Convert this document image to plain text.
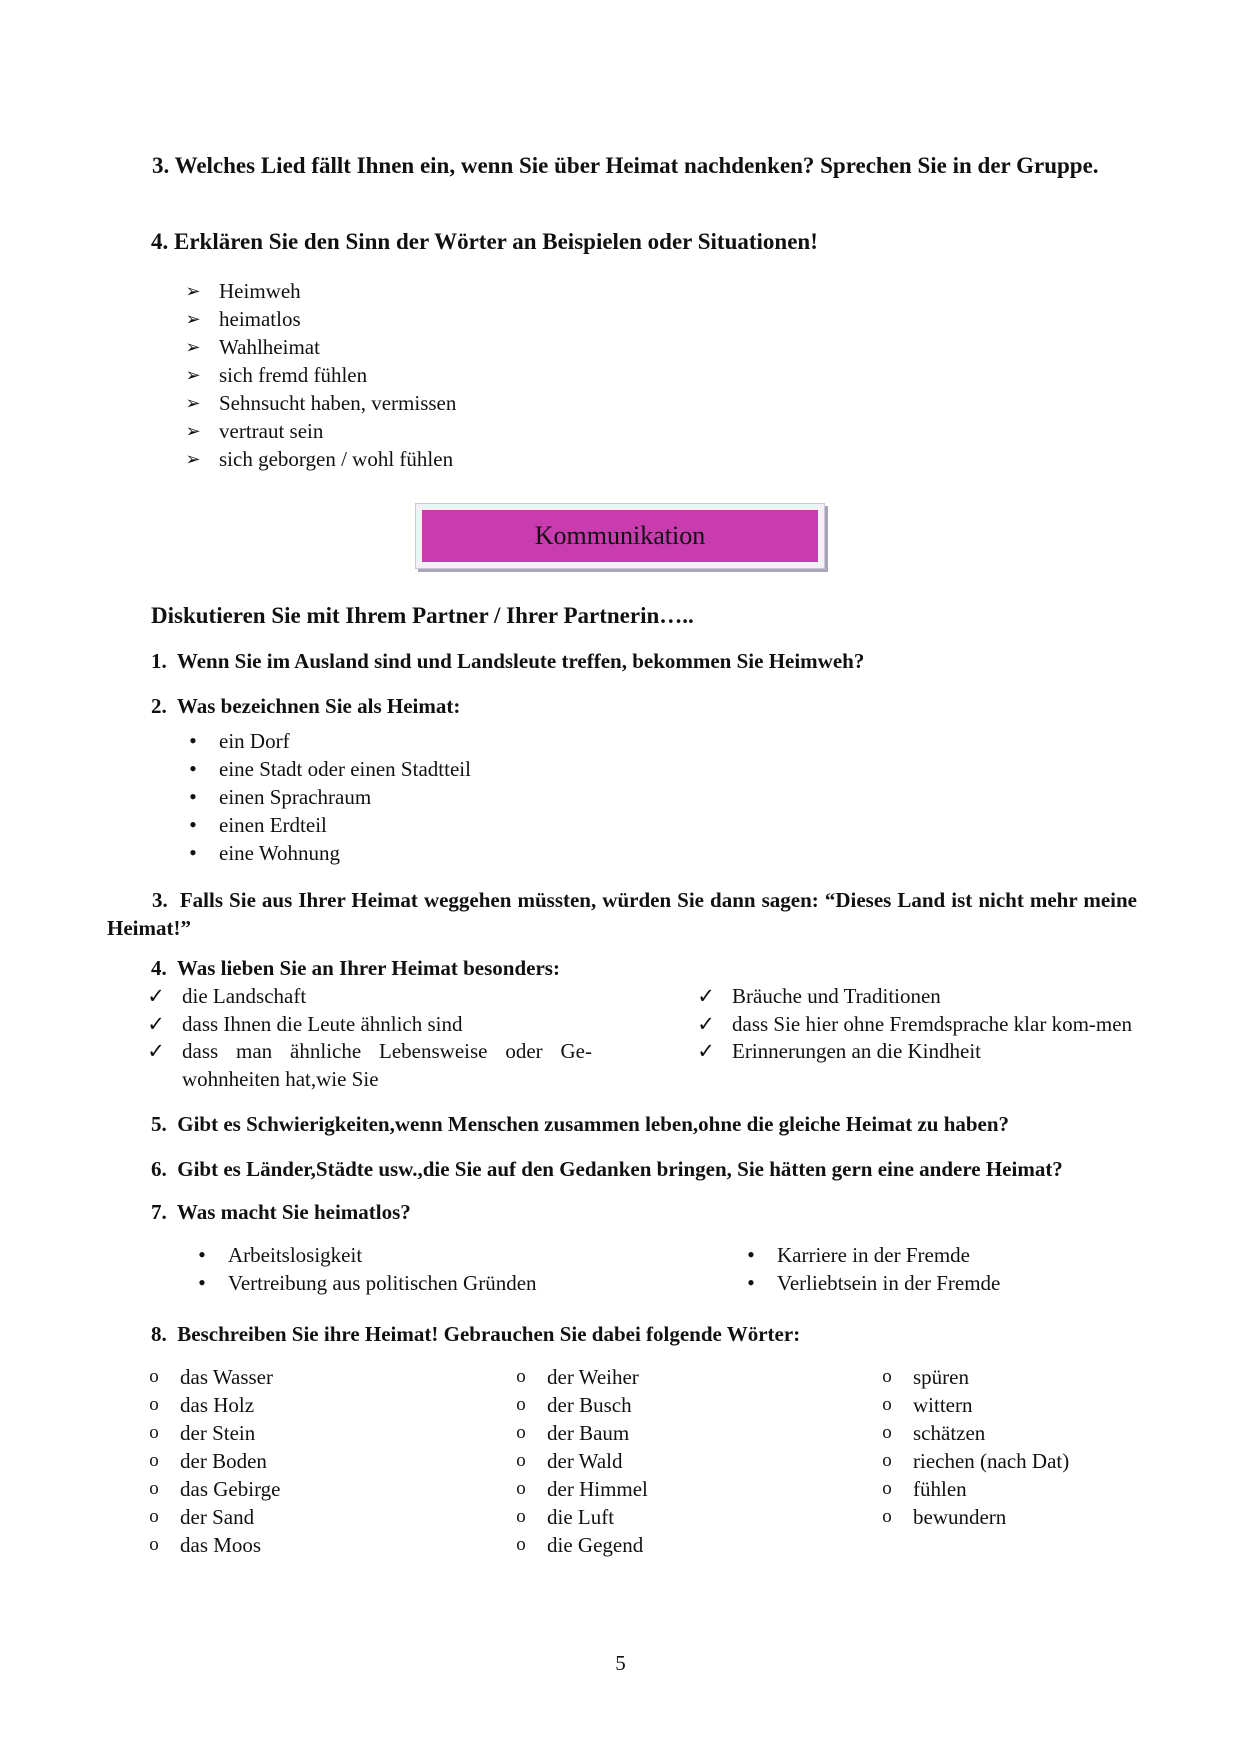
3. Welches Lied fällt Ihnen ein, wenn Sie über Heimat nachdenken? Sprechen Sie in der Gruppe.
4. Erklären Sie den Sinn der Wörter an Beispielen oder Situationen!
➢ Heimweh
➢ heimatlos
➢ Wahlheimat
➢ sich fremd fühlen
➢ Sehnsucht haben, vermissen
➢ vertraut sein
➢ sich geborgen / wohl fühlen
Kommunikation
Diskutieren Sie mit Ihrem Partner / Ihrer Partnerin…..
1. Wenn Sie im Ausland sind und Landsleute treffen, bekommen Sie Heimweh?
2. Was bezeichnen Sie als Heimat:
• ein Dorf
• eine Stadt oder einen Stadtteil
• einen Sprachraum
• einen Erdteil
• eine Wohnung
3. Falls Sie aus Ihrer Heimat weggehen müssten, würden Sie dann sagen: “Dieses Land ist nicht mehr meine Heimat!”
4. Was lieben Sie an Ihrer Heimat besonders:
✓ die Landschaft
✓ dass Ihnen die Leute ähnlich sind
✓ dass man ähnliche Lebensweise oder Ge-wohnheiten hat,wie Sie
✓ Bräuche und Traditionen
✓ dass Sie hier ohne Fremdsprache klar kom-men
✓ Erinnerungen an die Kindheit
5. Gibt es Schwierigkeiten,wenn Menschen zusammen leben,ohne die gleiche Heimat zu haben?
6. Gibt es Länder,Städte usw.,die Sie auf den Gedanken bringen, Sie hätten gern eine andere Heimat?
7. Was macht Sie heimatlos?
• Arbeitslosigkeit
• Vertreibung aus politischen Gründen
• Karriere in der Fremde
• Verliebtsein in der Fremde
8. Beschreiben Sie ihre Heimat! Gebrauchen Sie dabei folgende Wörter:
o das Wasser
o das Holz
o der Stein
o der Boden
o das Gebirge
o der Sand
o das Moos
o der Weiher
o der Busch
o der Baum
o der Wald
o der Himmel
o die Luft
o die Gegend
o spüren
o wittern
o schätzen
o riechen (nach Dat)
o fühlen
o bewundern
5
